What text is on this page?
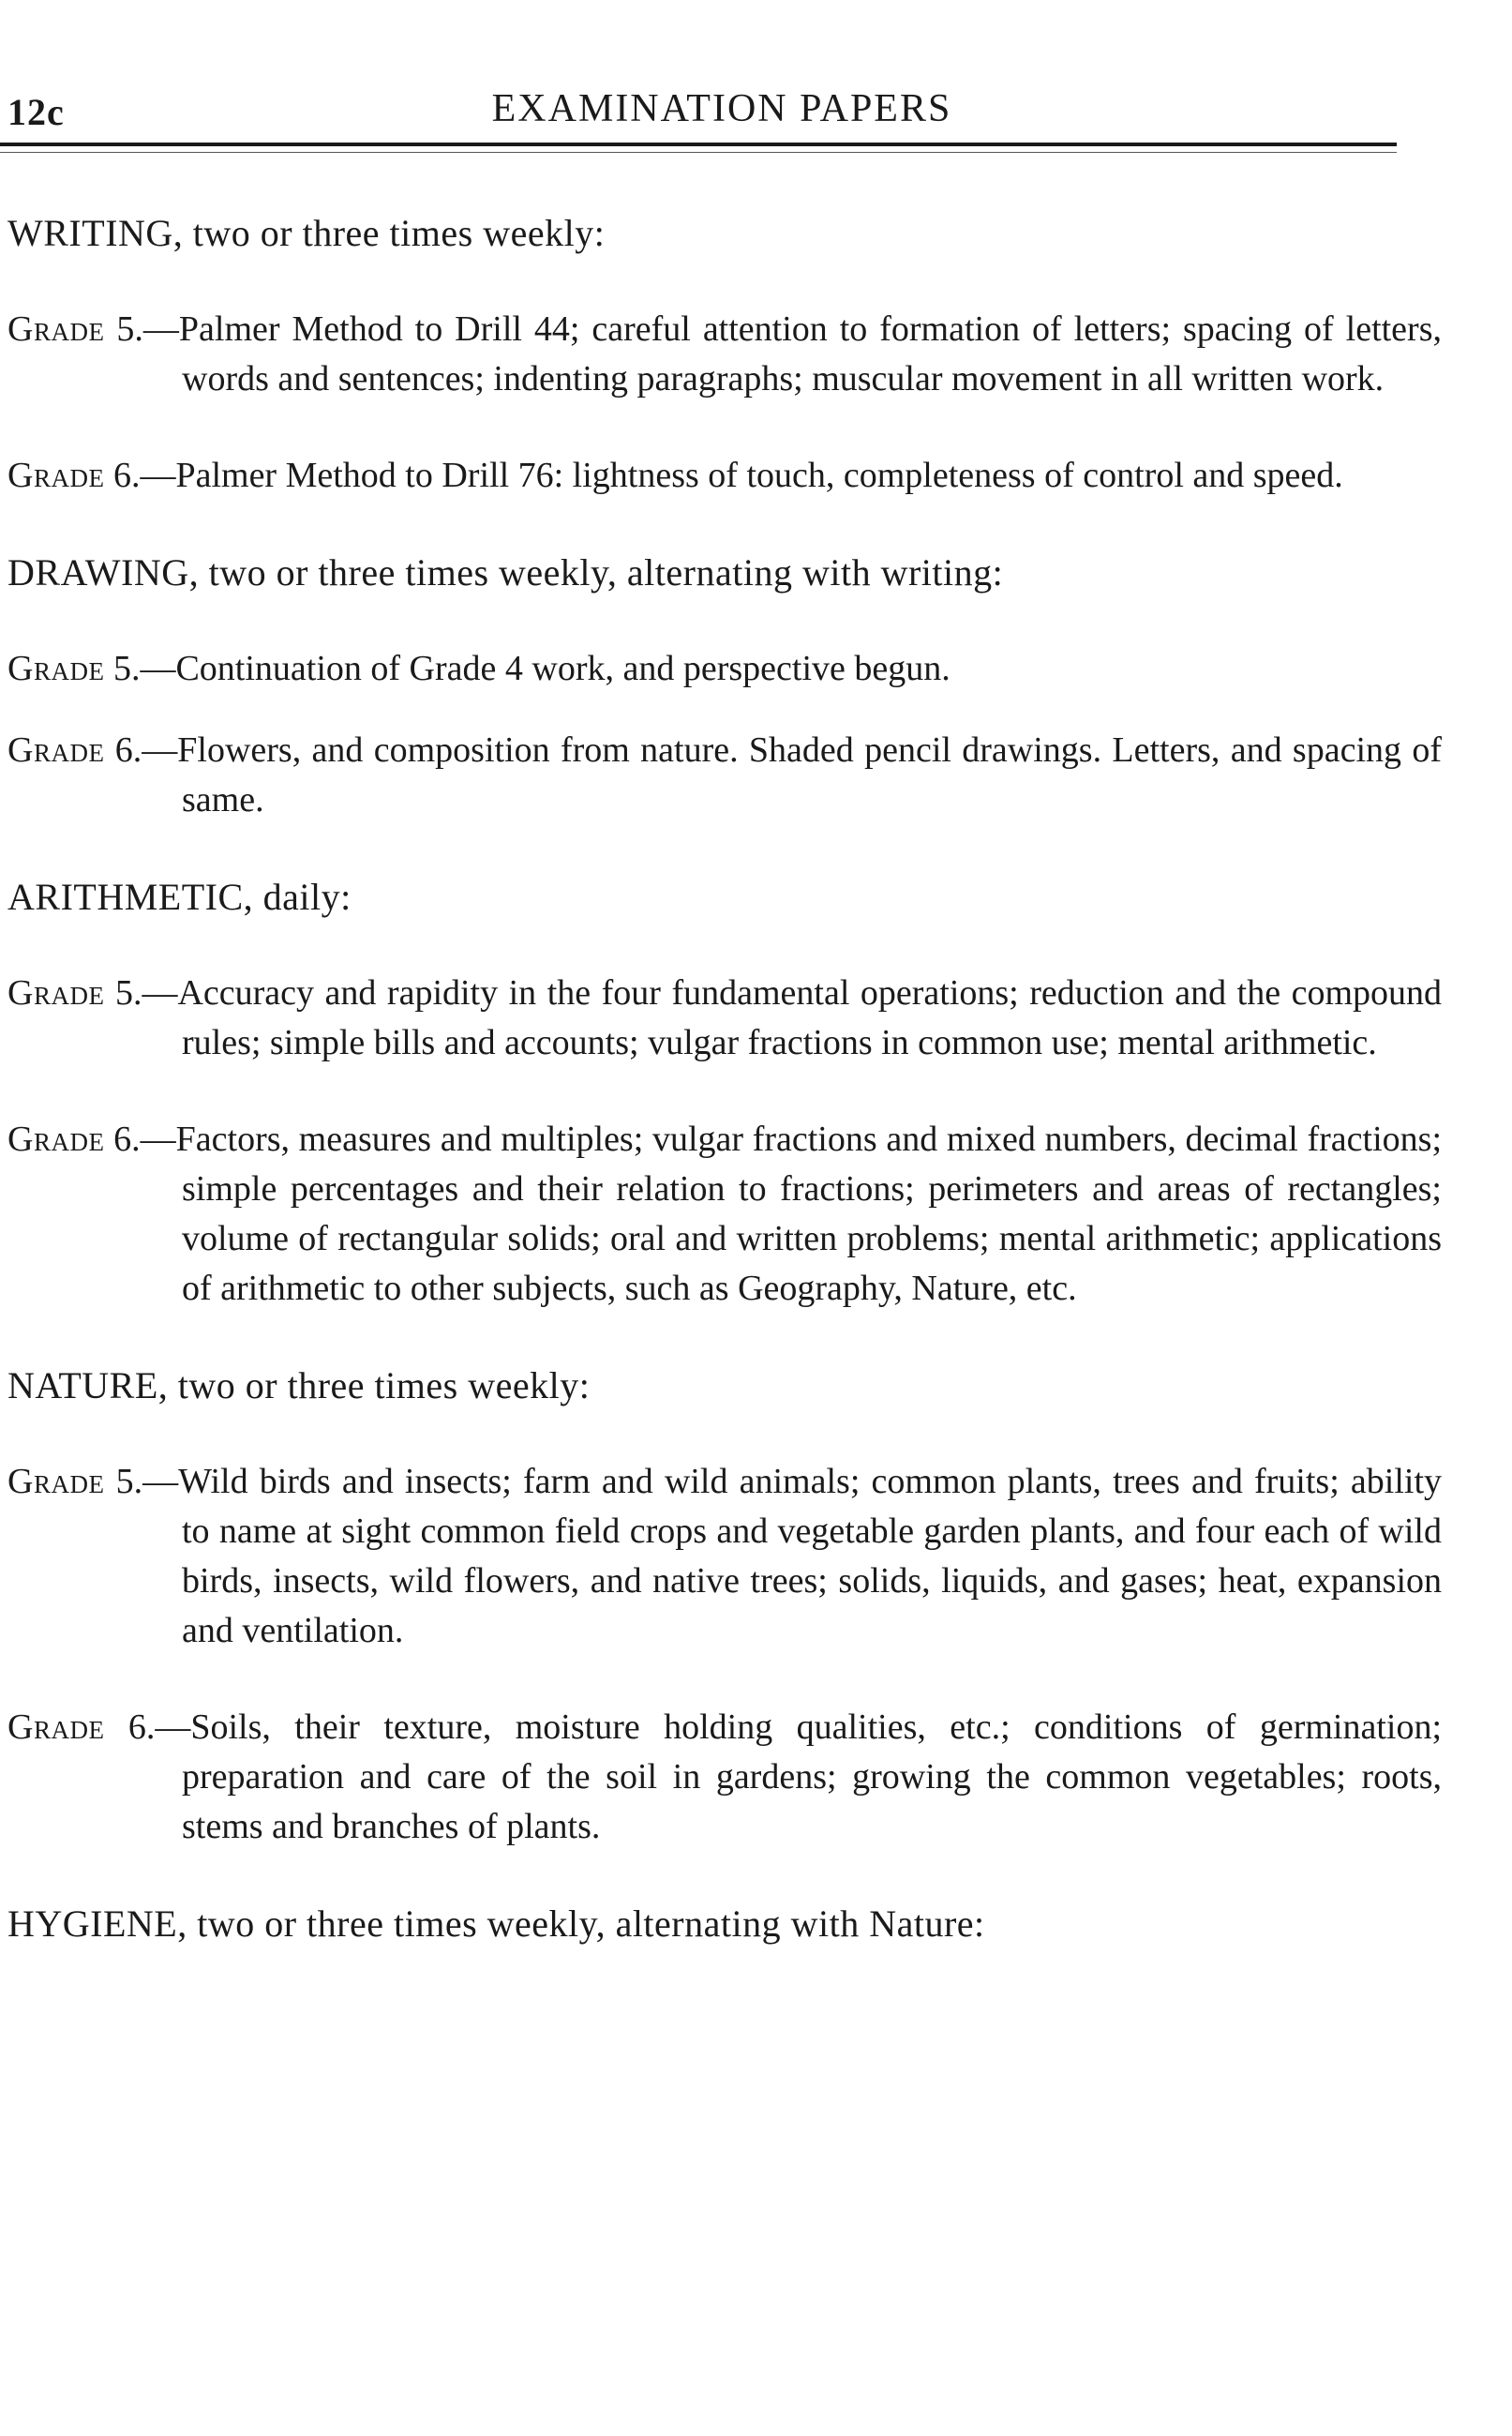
12c	EXAMINATION PAPERS

WRITING, two or three times weekly:

Grade 5.—Palmer Method to Drill 44; careful attention to formation of letters; spacing of letters, words and sentences; indenting paragraphs; muscular movement in all written work.

Grade 6.—Palmer Method to Drill 76: lightness of touch, completeness of control and speed.

DRAWING, two or three times weekly, alternating with writing:

Grade 5.—Continuation of Grade 4 work, and perspective begun.

Grade 6.—Flowers, and composition from nature. Shaded pencil drawings. Letters, and spacing of same.

ARITHMETIC, daily:

Grade 5.—Accuracy and rapidity in the four fundamental operations; reduction and the compound rules; simple bills and accounts; vulgar fractions in common use; mental arithmetic.

Grade 6.—Factors, measures and multiples; vulgar fractions and mixed numbers, decimal fractions; simple percentages and their relation to fractions; perimeters and areas of rectangles; volume of rectangular solids; oral and written problems; mental arithmetic; applications of arithmetic to other subjects, such as Geography, Nature, etc.

NATURE, two or three times weekly:

Grade 5.—Wild birds and insects; farm and wild animals; common plants, trees and fruits; ability to name at sight common field crops and vegetable garden plants, and four each of wild birds, insects, wild flowers, and native trees; solids, liquids, and gases; heat, expansion and ventilation.

Grade 6.—Soils, their texture, moisture holding qualities, etc.; conditions of germination; preparation and care of the soil in gardens; growing the common vegetables; roots, stems and branches of plants.

HYGIENE, two or three times weekly, alternating with Nature:
